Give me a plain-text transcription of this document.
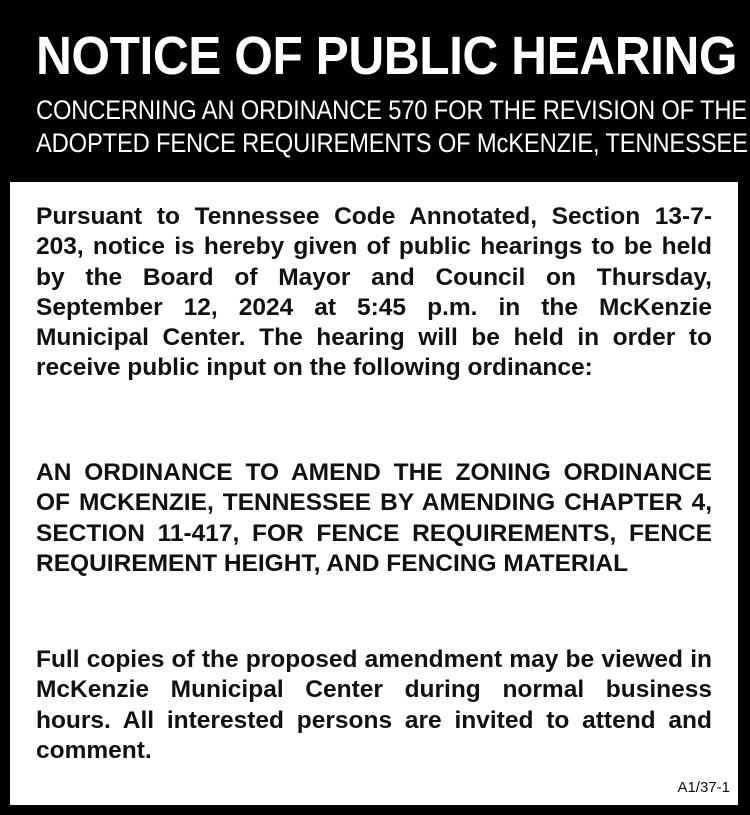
NOTICE OF PUBLIC HEARING
CONCERNING AN ORDINANCE 570 FOR THE REVISION OF THE
ADOPTED FENCE REQUIREMENTS OF McKENZIE, TENNESSEE

Pursuant to Tennessee Code Annotated, Section 13-7-203, notice is hereby given of public hearings to be held by the Board of Mayor and Council on Thursday, September 12, 2024 at 5:45 p.m. in the McKenzie Municipal Center. The hearing will be held in order to receive public input on the following ordinance:

AN ORDINANCE TO AMEND THE ZONING ORDINANCE OF MCKENZIE, TENNESSEE BY AMENDING CHAPTER 4, SECTION 11-417, FOR FENCE REQUIREMENTS, FENCE REQUIREMENT HEIGHT, AND FENCING MATERIAL

Full copies of the proposed amendment may be viewed in McKenzie Municipal Center during normal business hours. All interested persons are invited to attend and comment.

A1/37-1
